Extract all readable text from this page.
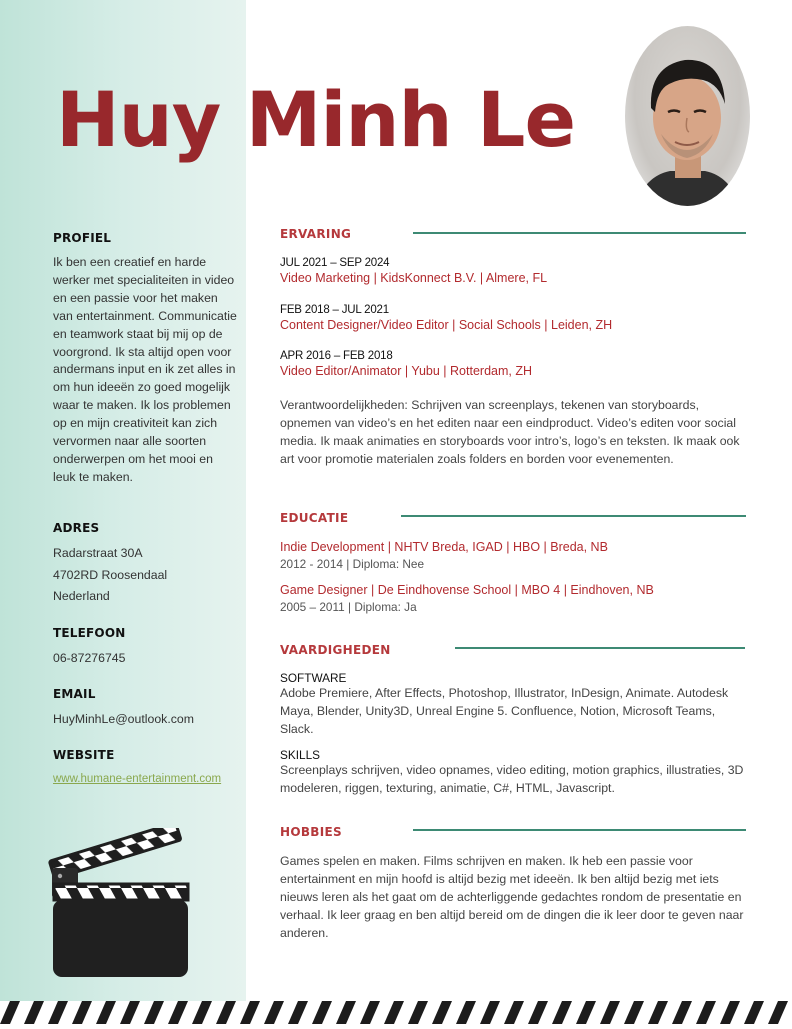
Huy Minh Le
PROFIEL

Ik ben een creatief en harde werker met specialiteiten in video en een passie voor het maken van entertainment. Communicatie en teamwork staat bij mij op de voorgrond. Ik sta altijd open voor andermans input en ik zet alles in om hun ideeën zo goed mogelijk waar te maken. Ik los problemen op en mijn creativiteit kan zich vervormen naar alle soorten onderwerpen om het mooi en leuk te maken.

ADRES
Radarstraat 30A
4702RD Roosendaal
Nederland
TELEFOON
06-87276745
EMAIL
HuyMinhLe@outlook.com
WEBSITE
www.humane-entertainment.com
ERVARING
JUL 2021 – SEP 2024
Video Marketing | KidsKonnect B.V. | Almere, FL
FEB 2018 – JUL 2021
Content Designer/Video Editor | Social Schools | Leiden, ZH
APR 2016 – FEB 2018
Video Editor/Animator | Yubu | Rotterdam, ZH

Verantwoordelijkheden: Schrijven van screenplays, tekenen van storyboards, opnemen van video’s en het editen naar een eindproduct. Video’s editen voor social media. Ik maak animaties en storyboards voor intro’s, logo’s en teksten. Ik maak ook art voor promotie materialen zoals folders en borden voor evenementen.

EDUCATIE
Indie Development | NHTV Breda, IGAD | HBO | Breda, NB
2012 - 2014 | Diploma: Nee
Game Designer | De Eindhovense School | MBO 4 | Eindhoven, NB
2005 – 2011 | Diploma: Ja
VAARDIGHEDEN
SOFTWARE

Adobe Premiere, After Effects, Photoshop, Illustrator, InDesign, Animate. Autodesk Maya, Blender, Unity3D, Unreal Engine 5. Confluence, Notion, Microsoft Teams, Slack.

SKILLS

Screenplays schrijven, video opnames, video editing, motion graphics, illustraties, 3D modeleren, riggen, texturing, animatie, C#, HTML, Javascript.

HOBBIES

Games spelen en maken. Films schrijven en maken. Ik heb een passie voor entertainment en mijn hoofd is altijd bezig met ideeën. Ik ben altijd bezig met iets nieuws leren als het gaat om de achterliggende gedachtes rondom de presentatie en verhaal. Ik leer graag en ben altijd bereid om de dingen die ik leer door te geven naar anderen.
